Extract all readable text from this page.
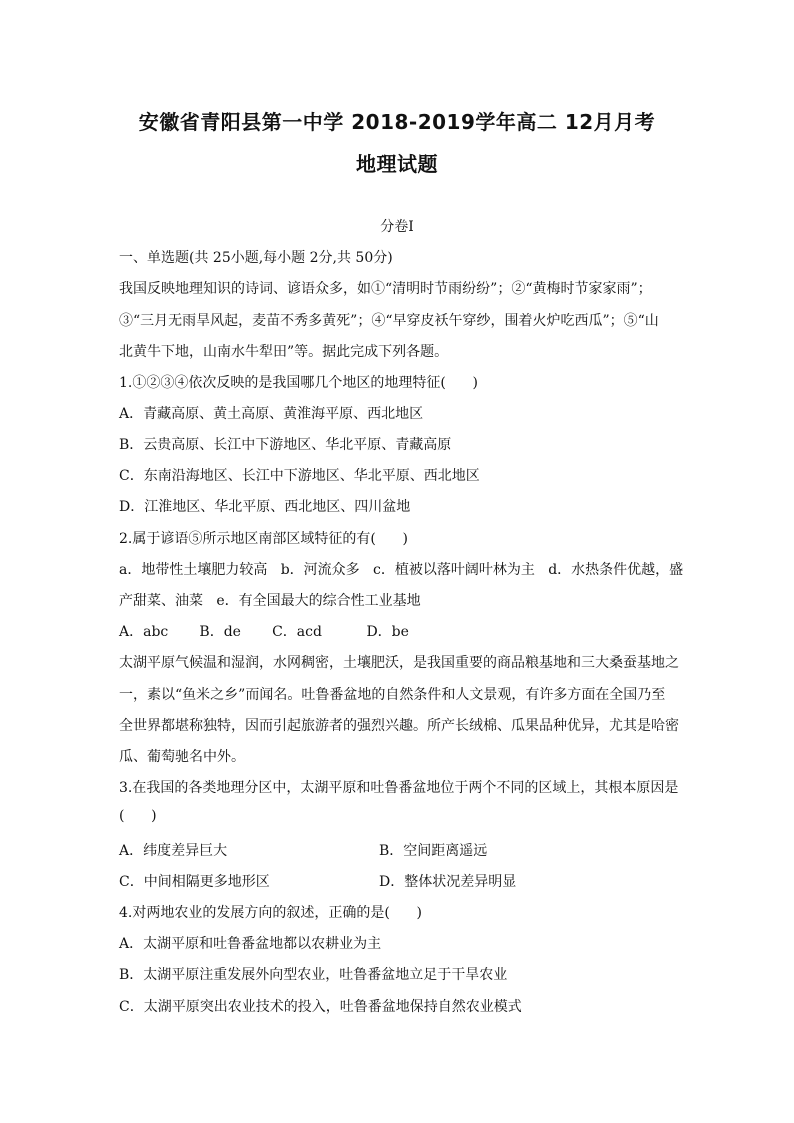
安徽省青阳县第一中学 2018-2019学年高二 12月月考
地理试题
分卷I
一、单选题(共 25小题,每小题 2分,共 50分)
我国反映地理知识的诗词、谚语众多，如①“清明时节雨纷纷”；②“黄梅时节家家雨”；
③“三月无雨旱风起，麦苗不秀多黄死”；④“早穿皮袄午穿纱，围着火炉吃西瓜”；⑤“山
北黄牛下地，山南水牛犁田”等。据此完成下列各题。
1.①②③④依次反映的是我国哪几个地区的地理特征(      )
A．青藏高原、黄土高原、黄淮海平原、西北地区
B．云贵高原、长江中下游地区、华北平原、青藏高原
C．东南沿海地区、长江中下游地区、华北平原、西北地区
D．江淮地区、华北平原、西北地区、四川盆地
2.属于谚语⑤所示地区南部区域特征的有(      )
a．地带性土壤肥力较高   b．河流众多   c．植被以落叶阔叶林为主   d．水热条件优越，盛
产甜菜、油菜   e．有全国最大的综合性工业基地
A．abc       B．de       C．acd          D．be
太湖平原气候温和湿润，水网稠密，土壤肥沃，是我国重要的商品粮基地和三大桑蚕基地之
一，素以“鱼米之乡”而闻名。吐鲁番盆地的自然条件和人文景观，有许多方面在全国乃至
全世界都堪称独特，因而引起旅游者的强烈兴趣。所产长绒棉、瓜果品种优异，尤其是哈密
瓜、葡萄驰名中外。
3.在我国的各类地理分区中，太湖平原和吐鲁番盆地位于两个不同的区域上，其根本原因是
(      )
A．纬度差异巨大	B．空间距离遥远
C．中间相隔更多地形区	D．整体状况差异明显
4.对两地农业的发展方向的叙述，正确的是(      )
A．太湖平原和吐鲁番盆地都以农耕业为主
B．太湖平原注重发展外向型农业，吐鲁番盆地立足于干旱农业
C．太湖平原突出农业技术的投入，吐鲁番盆地保持自然农业模式
